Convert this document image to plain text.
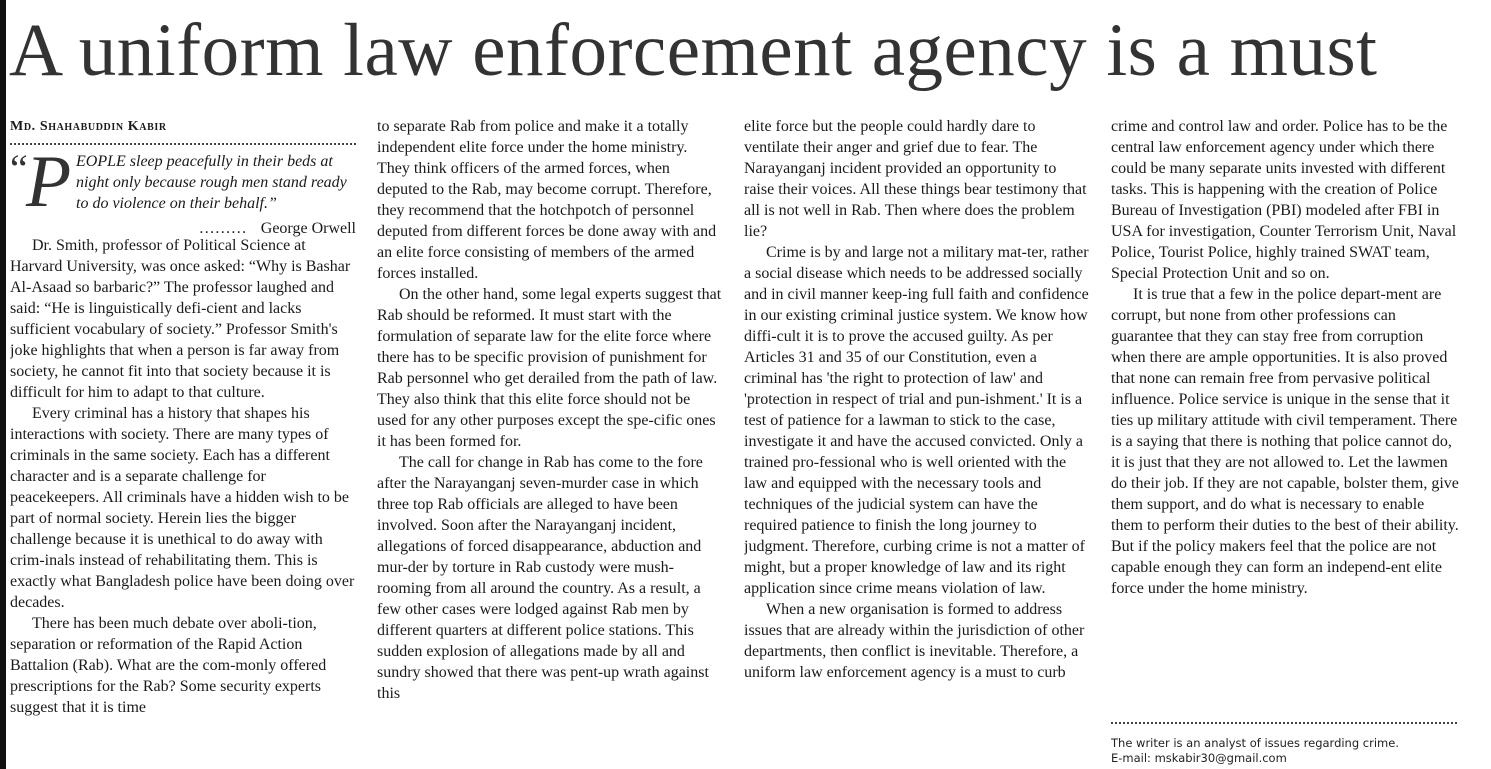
A uniform law enforcement agency is a must
Md. Shahabuddin Kabir
“
P EOPLE sleep peacefully in their beds at night only because rough men stand ready to do violence on their behalf.”
……… George Orwell

Dr. Smith, professor of Political Science at Harvard University, was once asked: “Why is Bashar Al-Asaad so barbaric?” The professor laughed and said: “He is linguistically defi-cient and lacks sufficient vocabulary of society.” Professor Smith's joke highlights that when a person is far away from society, he cannot fit into that society because it is difficult for him to adapt to that culture.

Every criminal has a history that shapes his interactions with society. There are many types of criminals in the same society. Each has a different character and is a separate challenge for peacekeepers. All criminals have a hidden wish to be part of normal society. Herein lies the bigger challenge because it is unethical to do away with crim-inals instead of rehabilitating them. This is exactly what Bangladesh police have been doing over decades.

There has been much debate over aboli-tion, separation or reformation of the Rapid Action Battalion (Rab). What are the com-monly offered prescriptions for the Rab? Some security experts suggest that it is time

to separate Rab from police and make it a totally independent elite force under the home ministry. They think officers of the armed forces, when deputed to the Rab, may become corrupt. Therefore, they recommend that the hotchpotch of personnel deputed from different forces be done away with and an elite force consisting of members of the armed forces installed.

On the other hand, some legal experts suggest that Rab should be reformed. It must start with the formulation of separate law for the elite force where there has to be specific provision of punishment for Rab personnel who get derailed from the path of law. They also think that this elite force should not be used for any other purposes except the spe-cific ones it has been formed for.

The call for change in Rab has come to the fore after the Narayanganj seven-murder case in which three top Rab officials are alleged to have been involved. Soon after the Narayanganj incident, allegations of forced disappearance, abduction and mur-der by torture in Rab custody were mush-rooming from all around the country. As a result, a few other cases were lodged against Rab men by different quarters at different police stations. This sudden explosion of allegations made by all and sundry showed that there was pent-up wrath against this

elite force but the people could hardly dare to ventilate their anger and grief due to fear. The Narayanganj incident provided an opportunity to raise their voices. All these things bear testimony that all is not well in Rab. Then where does the problem lie?

Crime is by and large not a military mat-ter, rather a social disease which needs to be addressed socially and in civil manner keep-ing full faith and confidence in our existing criminal justice system. We know how diffi-cult it is to prove the accused guilty. As per Articles 31 and 35 of our Constitution, even a criminal has 'the right to protection of law' and 'protection in respect of trial and pun-ishment.' It is a test of patience for a lawman to stick to the case, investigate it and have the accused convicted. Only a trained pro-fessional who is well oriented with the law and equipped with the necessary tools and techniques of the judicial system can have the required patience to finish the long journey to judgment. Therefore, curbing crime is not a matter of might, but a proper knowledge of law and its right application since crime means violation of law.

When a new organisation is formed to address issues that are already within the jurisdiction of other departments, then conflict is inevitable. Therefore, a uniform law enforcement agency is a must to curb

crime and control law and order. Police has to be the central law enforcement agency under which there could be many separate units invested with different tasks. This is happening with the creation of Police Bureau of Investigation (PBI) modeled after FBI in USA for investigation, Counter Terrorism Unit, Naval Police, Tourist Police, highly trained SWAT team, Special Protection Unit and so on.

It is true that a few in the police depart-ment are corrupt, but none from other professions can guarantee that they can stay free from corruption when there are ample opportunities. It is also proved that none can remain free from pervasive political influence. Police service is unique in the sense that it ties up military attitude with civil temperament. There is a saying that there is nothing that police cannot do, it is just that they are not allowed to. Let the lawmen do their job. If they are not capable, bolster them, give them support, and do what is necessary to enable them to perform their duties to the best of their ability. But if the policy makers feel that the police are not capable enough they can form an independ-ent elite force under the home ministry.

The writer is an analyst of issues regarding crime.
E-mail: mskabir30@gmail.com
